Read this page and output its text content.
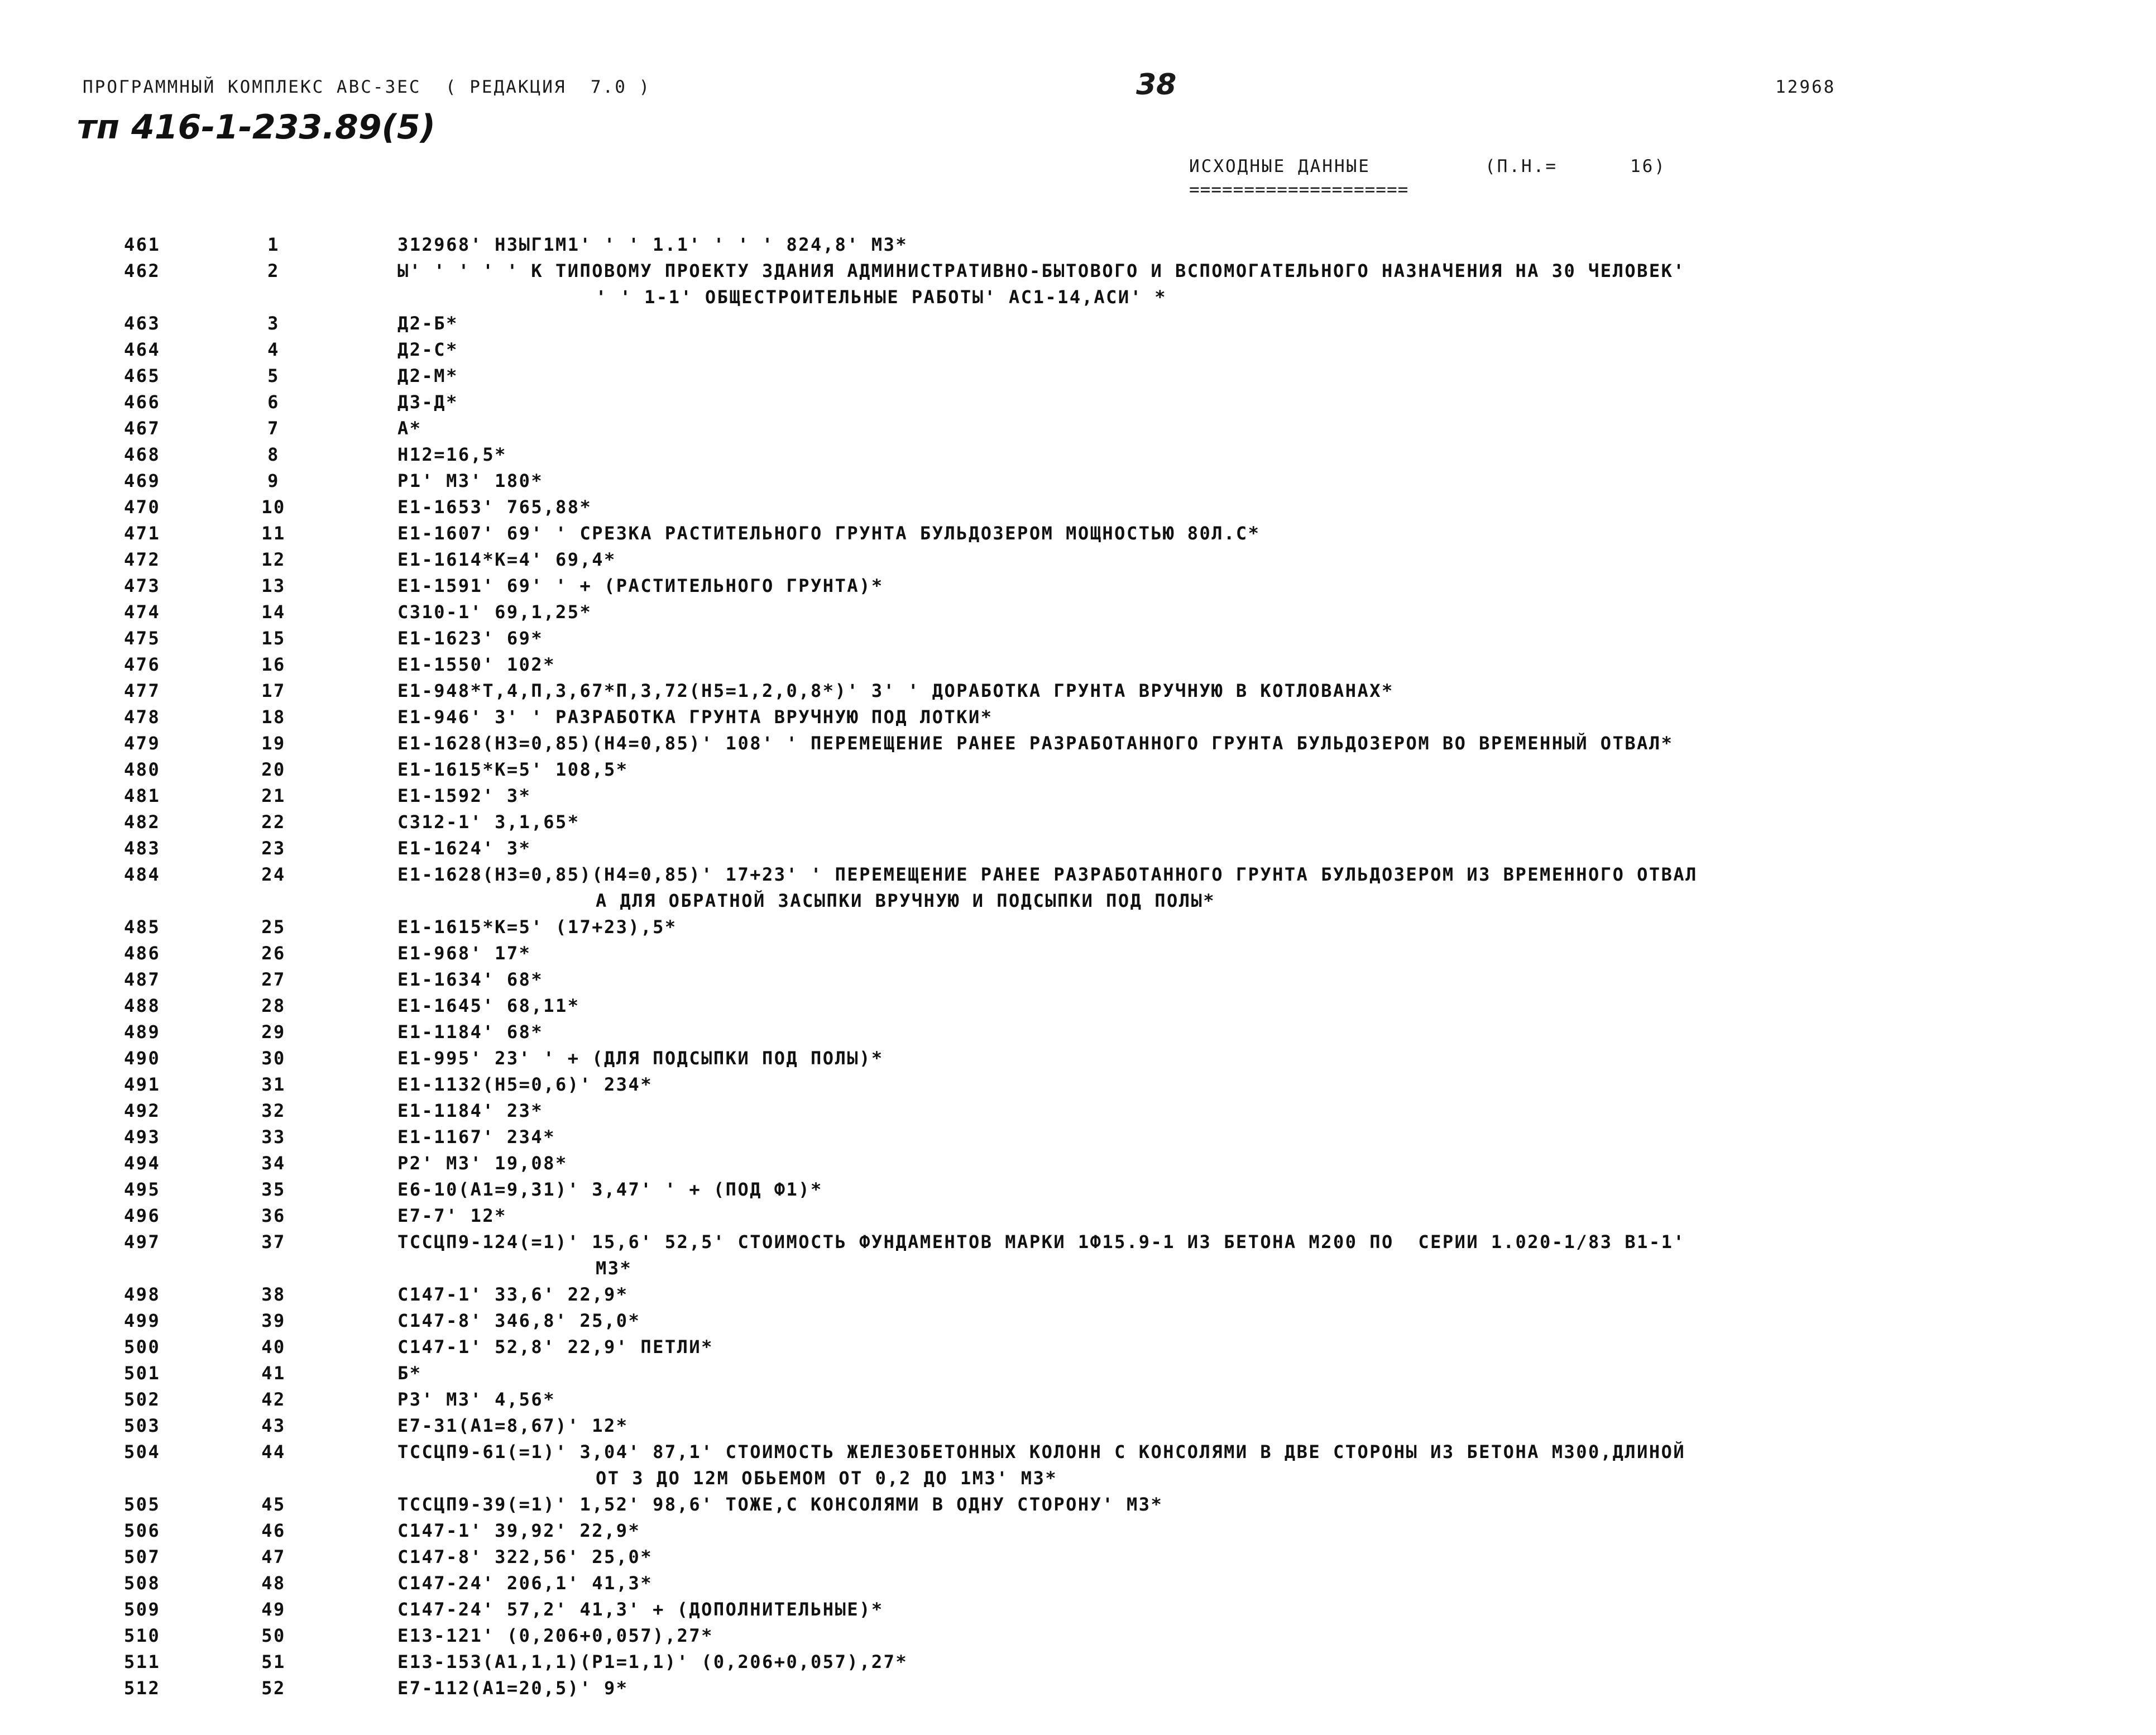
ПРОГРАММНЫЙ КОМПЛЕКС АВС-3ЕС  ( РЕДАКЦИЯ  7.0 )	38	12968
тп 416-1-233.89(5)
ИСХОДНЫЕ ДАННЫЕ	(П.Н.=      16)
====================
461	1	312968' НЗЫГ1М1' ' ' 1.1' ' ' ' 824,8' М3*
462	2	Ы' ' ' ' ' К ТИПОВОМУ ПРОЕКТУ ЗДАНИЯ АДМИНИСТРАТИВНО-БЫТОВОГО И ВСПОМОГАТЕЛЬНОГО НАЗНАЧЕНИЯ НА 30 ЧЕЛОВЕК'
' ' 1-1' ОБЩЕСТРОИТЕЛЬНЫЕ РАБОТЫ' АС1-14,АСИ' *
463	3	Д2-Б*
464	4	Д2-С*
465	5	Д2-М*
466	6	Д3-Д*
467	7	А*
468	8	Н12=16,5*
469	9	Р1' М3' 180*
470	10	Е1-1653' 765,88*
471	11	Е1-1607' 69' ' СРЕЗКА РАСТИТЕЛЬНОГО ГРУНТА БУЛЬДОЗЕРОМ МОЩНОСТЬЮ 80Л.С*
472	12	Е1-1614*К=4' 69,4*
473	13	Е1-1591' 69' ' + (РАСТИТЕЛЬНОГО ГРУНТА)*
474	14	С310-1' 69,1,25*
475	15	Е1-1623' 69*
476	16	Е1-1550' 102*
477	17	Е1-948*Т,4,П,3,67*П,3,72(Н5=1,2,0,8*)' 3' ' ДОРАБОТКА ГРУНТА ВРУЧНУЮ В КОТЛОВАНАХ*
478	18	Е1-946' 3' ' РАЗРАБОТКА ГРУНТА ВРУЧНУЮ ПОД ЛОТКИ*
479	19	Е1-1628(Н3=0,85)(Н4=0,85)' 108' ' ПЕРЕМЕЩЕНИЕ РАНЕЕ РАЗРАБОТАННОГО ГРУНТА БУЛЬДОЗЕРОМ ВО ВРЕМЕННЫЙ ОТВАЛ*
480	20	Е1-1615*К=5' 108,5*
481	21	Е1-1592' 3*
482	22	С312-1' 3,1,65*
483	23	Е1-1624' 3*
484	24	Е1-1628(Н3=0,85)(Н4=0,85)' 17+23' ' ПЕРЕМЕЩЕНИЕ РАНЕЕ РАЗРАБОТАННОГО ГРУНТА БУЛЬДОЗЕРОМ ИЗ ВРЕМЕННОГО ОТВАЛ
А ДЛЯ ОБРАТНОЙ ЗАСЫПКИ ВРУЧНУЮ И ПОДСЫПКИ ПОД ПОЛЫ*
485	25	Е1-1615*К=5' (17+23),5*
486	26	Е1-968' 17*
487	27	Е1-1634' 68*
488	28	Е1-1645' 68,11*
489	29	Е1-1184' 68*
490	30	Е1-995' 23' ' + (ДЛЯ ПОДСЫПКИ ПОД ПОЛЫ)*
491	31	Е1-1132(Н5=0,6)' 234*
492	32	Е1-1184' 23*
493	33	Е1-1167' 234*
494	34	Р2' М3' 19,08*
495	35	Е6-10(А1=9,31)' 3,47' ' + (ПОД Ф1)*
496	36	Е7-7' 12*
497	37	ТССЦП9-124(=1)' 15,6' 52,5' СТОИМОСТЬ ФУНДАМЕНТОВ МАРКИ 1Ф15.9-1 ИЗ БЕТОНА М200 ПО  СЕРИИ 1.020-1/83 В1-1'
М3*
498	38	С147-1' 33,6' 22,9*
499	39	С147-8' 346,8' 25,0*
500	40	С147-1' 52,8' 22,9' ПЕТЛИ*
501	41	Б*
502	42	Р3' М3' 4,56*
503	43	Е7-31(А1=8,67)' 12*
504	44	ТССЦП9-61(=1)' 3,04' 87,1' СТОИМОСТЬ ЖЕЛЕЗОБЕТОННЫХ КОЛОНН С КОНСОЛЯМИ В ДВЕ СТОРОНЫ ИЗ БЕТОНА М300,ДЛИНОЙ
ОТ 3 ДО 12М ОБЬЕМОМ ОТ 0,2 ДО 1М3' М3*
505	45	ТССЦП9-39(=1)' 1,52' 98,6' ТОЖЕ,С КОНСОЛЯМИ В ОДНУ СТОРОНУ' М3*
506	46	С147-1' 39,92' 22,9*
507	47	С147-8' 322,56' 25,0*
508	48	С147-24' 206,1' 41,3*
509	49	С147-24' 57,2' 41,3' + (ДОПОЛНИТЕЛЬНЫЕ)*
510	50	Е13-121' (0,206+0,057),27*
511	51	Е13-153(А1,1,1)(Р1=1,1)' (0,206+0,057),27*
512	52	Е7-112(А1=20,5)' 9*
